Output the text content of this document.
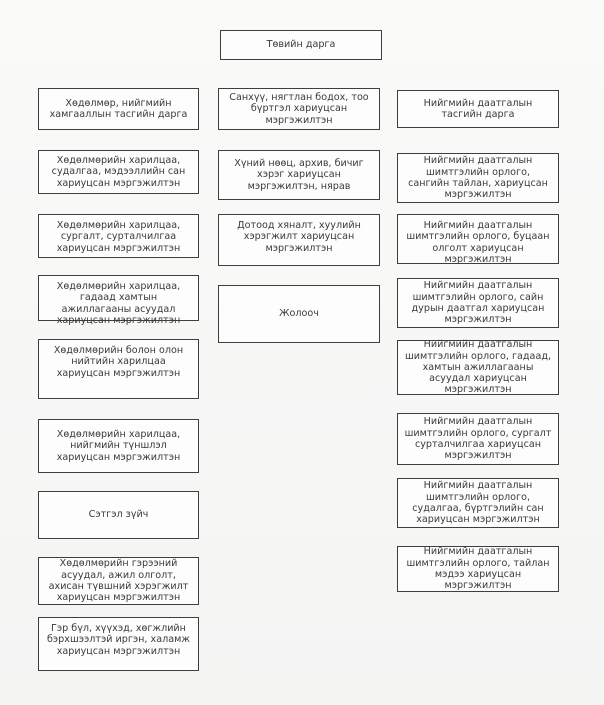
Төвийн дарга
Хөдөлмөр, нийгмийн хамгааллын тасгийн дарга
Хөдөлмөрийн харилцаа, судалгаа, мэдээллийн сан хариуцсан мэргэжилтэн
Хөдөлмөрийн харилцаа, сургалт, сурталчилгаа хариуцсан мэргэжилтэн
Хөдөлмөрийн харилцаа, гадаад хамтын ажиллагааны асуудал хариуцсан мэргэжилтэн
Хөдөлмөрийн болон олон нийтийн харилцаа хариуцсан мэргэжилтэн
Хөдөлмөрийн харилцаа, нийгмийн түншлэл хариуцсан мэргэжилтэн
Сэтгэл зүйч
Хөдөлмөрийн гэрээний асуудал, ажил олголт, ахисан түвшний хэрэгжилт хариуцсан мэргэжилтэн
Гэр бүл, хүүхэд, хөгжлийн бэрхшээлтэй иргэн, халамж хариуцсан мэргэжилтэн
Санхүү, нягтлан бодох, тоо бүртгэл хариуцсан мэргэжилтэн
Хүний нөөц, архив, бичиг хэрэг хариуцсан мэргэжилтэн, нярав
Дотоод хяналт, хуулийн хэрэгжилт хариуцсан мэргэжилтэн
Жолооч
Нийгмийн даатгалын тасгийн дарга
Нийгмийн даатгалын шимтгэлийн орлого, сангийн тайлан, хариуцсан мэргэжилтэн
Нийгмийн даатгалын шимтгэлийн орлого, буцаан олголт хариуцсан мэргэжилтэн
Нийгмийн даатгалын шимтгэлийн орлого, сайн дурын даатгал хариуцсан мэргэжилтэн
Нийгмийн даатгалын шимтгэлийн орлого, гадаад, хамтын ажиллагааны асуудал хариуцсан мэргэжилтэн
Нийгмийн даатгалын шимтгэлийн орлого, сургалт сурталчилгаа хариуцсан мэргэжилтэн
Нийгмийн даатгалын шимтгэлийн орлого, судалгаа, бүртгэлийн сан хариуцсан мэргэжилтэн
Нийгмийн даатгалын шимтгэлийн орлого, тайлан мэдээ хариуцсан мэргэжилтэн
